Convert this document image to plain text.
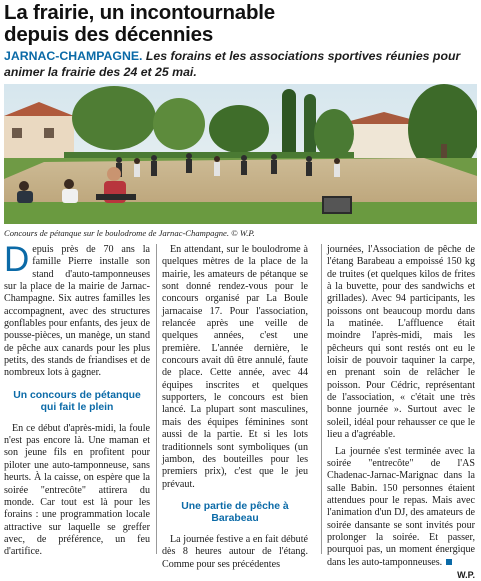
La frairie, un incontournable
depuis des décennies
JARNAC-CHAMPAGNE. Les forains et les associations sportives réunies pour animer la frairie des 24 et 25 mai.
Concours de pétanque sur le boulodrome de Jarnac-Champagne. © W.P.

Depuis près de 70 ans la famille Pierre installe son stand d'auto-tamponneuses sur la place de la mairie de Jarnac-Champagne. Six autres familles les accompagnent, avec des structures gonflables pour enfants, des jeux de pousse-pièces, un manège, un stand de pêche aux canards pour les plus petits, des stands de friandises et de nombreux lots à gagner.

Un concours de pétanque qui fait le plein

En ce début d'après-midi, la foule n'est pas encore là. Une maman et son jeune fils en profitent pour piloter une auto-tamponneuse, sans heurts. À la caisse, on espère que la soirée "entrecôte" attirera du monde. Car tout est là pour les forains : une programmation locale attractive sur laquelle se greffer avec, de préférence, un feu d'artifice.

En attendant, sur le boulodrome à quelques mètres de la place de la mairie, les amateurs de pétanque se sont donné rendez-vous pour le concours organisé par La Boule jarnacaise 17. Pour l'association, relancée après une veille de quelques années, c'est une première. L'année dernière, le concours avait dû être annulé, faute de place. Cette année, avec 44 équipes inscrites et quelques supporters, le concours est bien lancé. La plupart sont masculines, mais des équipes féminines sont aussi de la partie. Et si les lots traditionnels sont symboliques (un jambon, des bouteilles pour les premiers prix), c'est que le jeu prévaut.

Une partie de pêche à Barabeau

La journée festive a en fait débuté dès 8 heures autour de l'étang. Comme pour ses précédentes

journées, l'Association de pêche de l'étang Barabeau a empoissé 150 kg de truites (et quelques kilos de frites à la buvette, pour des sandwichs et grillades). Avec 94 participants, les poissons ont beaucoup mordu dans la matinée. L'affluence était moindre l'après-midi, mais les pêcheurs qui sont restés ont eu le loisir de pouvoir taquiner la carpe, en prenant soin de relâcher le poisson. Pour Cédric, représentant de l'association, « c'était une très bonne journée ». Surtout avec le soleil, idéal pour rehausser ce que le lieu a d'agréable.

La journée s'est terminée avec la soirée "entrecôte" de l'AS Chadenac-Jarnac-Marignac dans la salle Babin. 150 personnes étaient attendues pour le repas. Mais avec l'animation d'un DJ, des amateurs de soirée dansante se sont invités pour prolonger la soirée. Et passer, pourquoi pas, un moment énergique dans les auto-tamponneuses.
W.P.
